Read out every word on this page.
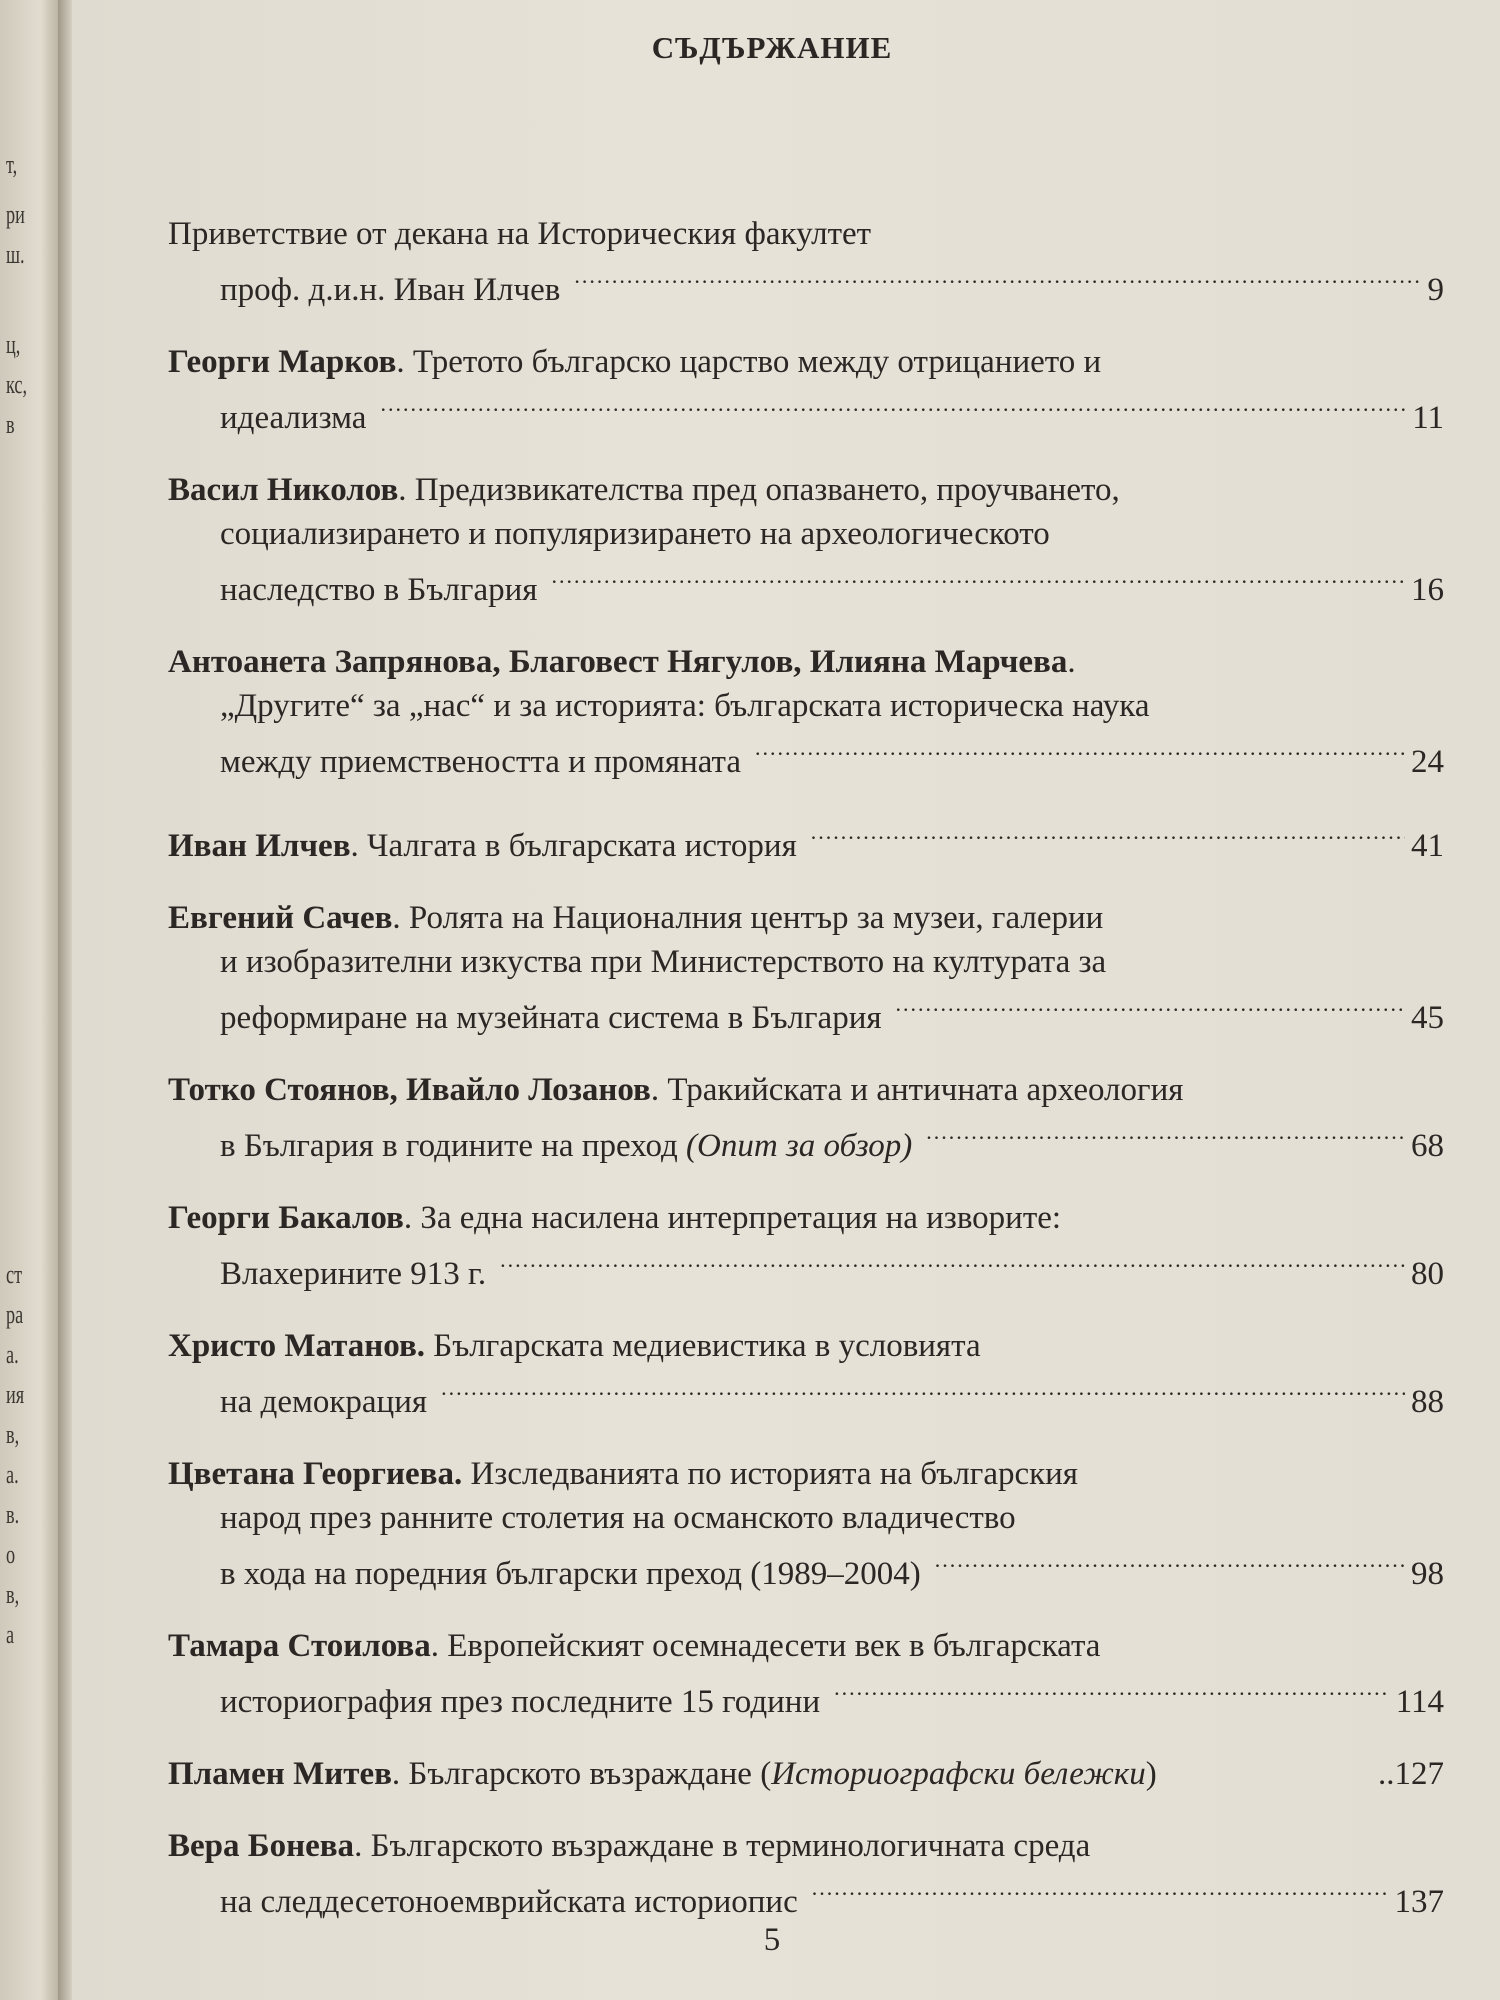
т,
ри
ш.
ц,
кс,
в
ст
ра
а.
ия
в,
а.
в.
о
в,
а
СЪДЪРЖАНИЕ
Приветствие от декана на Историческия факултет
проф. д.и.н. Иван Илчев .....	9
Георги Марков. Третото българско царство между отрицанието и
идеализма .....	11
Васил Николов. Предизвикателства пред опазването, проучването,
социализирането и популяризирането на археологическото
наследство в България .....	16
Антоанета Запрянова, Благовест Нягулов, Илияна Марчева.
„Другите“ за „нас“ и за историята: българската историческа наука
между приемствеността и промяната .....	24
Иван Илчев. Чалгата в българската история .....	41
Евгений Сачев. Ролята на Националния център за музеи, галерии
и изобразителни изкуства при Министерството на културата за
реформиране на музейната система в България .....	45
Тотко Стоянов, Ивайло Лозанов. Тракийската и античната археология
в България в годините на преход (Опит за обзор) .....	68
Георги Бакалов. За една насилена интерпретация на изворите:
Влахерините 913 г. .....	80
Христо Матанов. Българската медиевистика в условията
на демокрация .....	88
Цветана Георгиева. Изследванията по историята на българския
народ през ранните столетия на османското владичество
в хода на поредния български преход (1989–2004) .....	98
Тамара Стоилова. Европейският осемнадесети век в българската
историография през последните 15 години .....	114
Пламен Митев. Българското възраждане (Историографски бележки)	..127
Вера Бонева. Българското възраждане в терминологичната среда
на следдесетоноемврийската историопис .....	137
5
